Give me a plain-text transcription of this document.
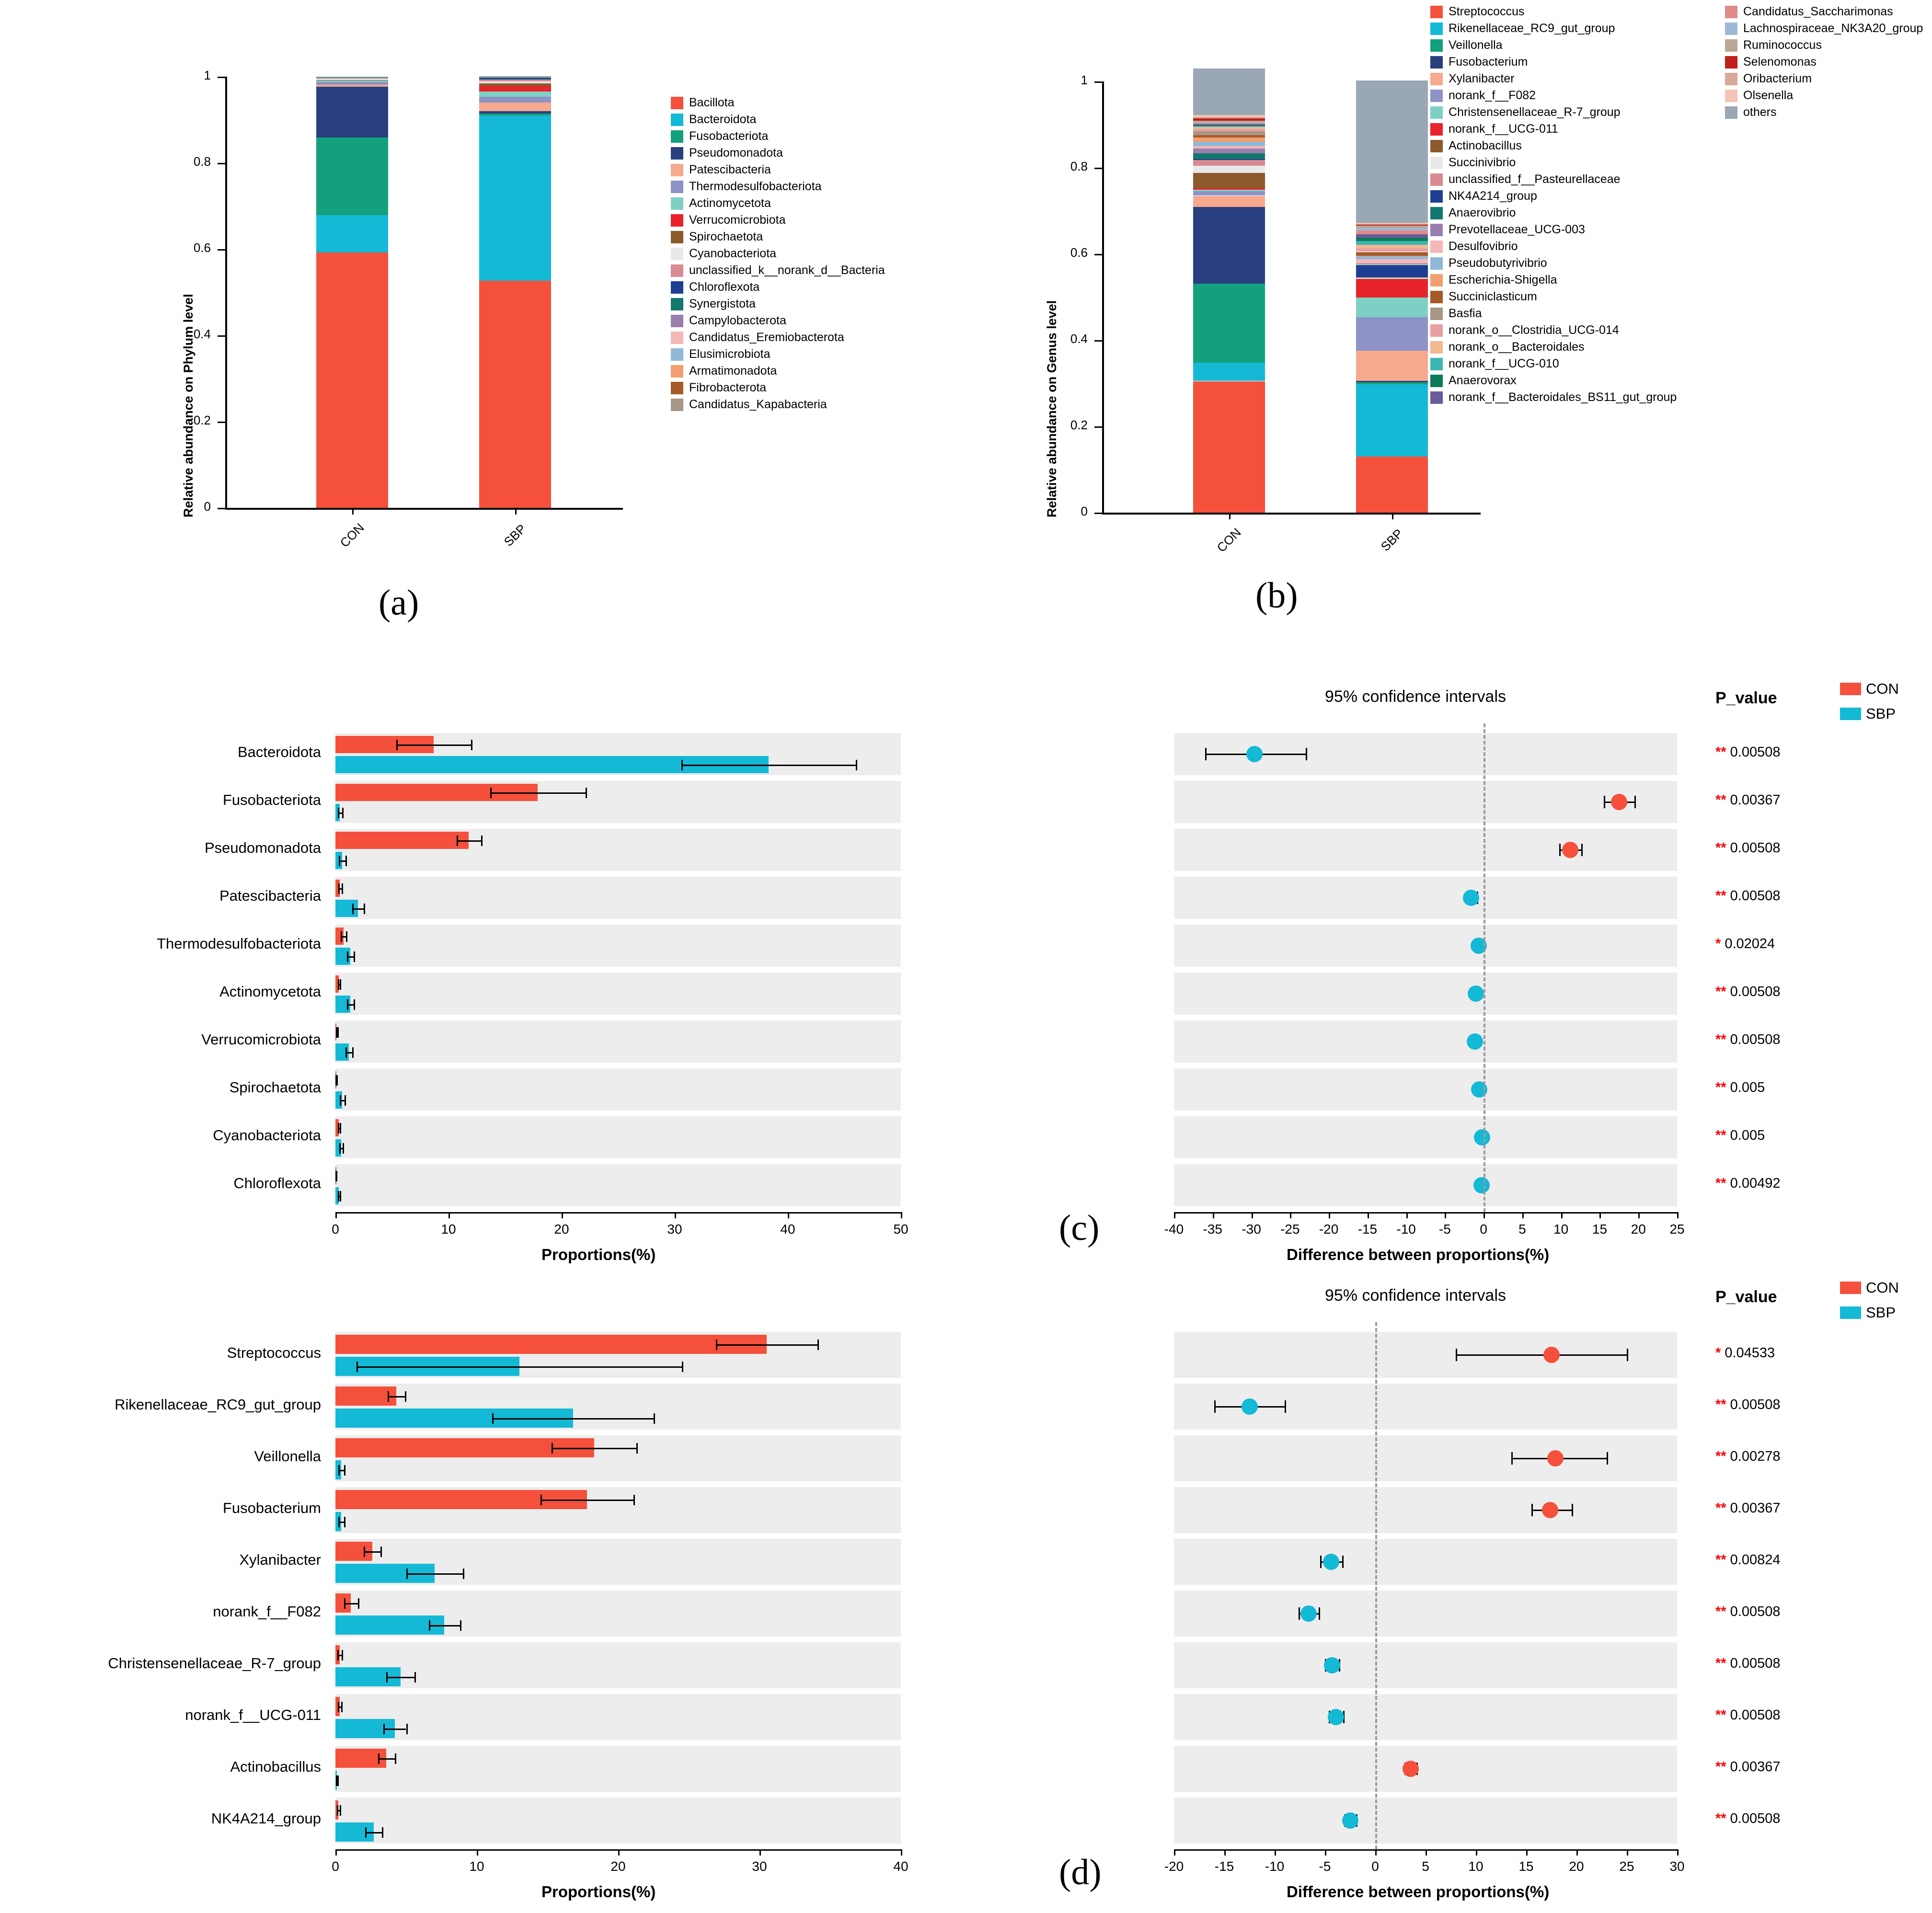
Relative abundance on Phylum level 0
0.2
0.4
0.6
0.8
1
CON	SBP
Bacillota
Bacteroidota
Fusobacteriota
Pseudomonadota
Patescibacteria
Thermodesulfobacteriota
Actinomycetota
Verrucomicrobiota
Spirochaetota
Cyanobacteriota
unclassified_k__norank_d__Bacteria
Chloroflexota
Synergistota
Campylobacterota
Candidatus_Eremiobacterota
Elusimicrobiota
Armatimonadota
Fibrobacterota
Candidatus_Kapabacteria
(a)
Relative abundance on Genus level	0
0.2
0.4
0.6
0.8
1
CON	SBP
Streptococcus
Rikenellaceae_RC9_gut_group
Veillonella
Fusobacterium
Xylanibacter
norank_f__F082
Christensenellaceae_R-7_group
norank_f__UCG-011
Actinobacillus
Succinivibrio
unclassified_f__Pasteurellaceae
NK4A214_group
Anaerovibrio
Prevotellaceae_UCG-003
Desulfovibrio
Pseudobutyrivibrio
Escherichia-Shigella
Succiniclasticum
Basfia
norank_o__Clostridia_UCG-014
norank_o__Bacteroidales
norank_f__UCG-010
Anaerovorax
norank_f__Bacteroidales_BS11_gut_group
Candidatus_Saccharimonas
Lachnospiraceae_NK3A20_group
Ruminococcus
Selenomonas
Oribacterium
Olsenella
others
(b)
95% confidence intervals	P_value
CON
SBP
Bacteroidota	** 0.00508
Fusobacteriota	** 0.00367
Pseudomonadota	** 0.00508
Patescibacteria	** 0.00508
Thermodesulfobacteriota	* 0.02024
Actinomycetota	** 0.00508
Verrucomicrobiota	** 0.00508
Spirochaetota	** 0.005
Cyanobacteriota	** 0.005
Chloroflexota	** 0.00492
0	10	20	30	40	50
Proportions(%)
-40	-35	-30	-25	-20	-15	-10	-5	0	5	10	15	20	25
Difference between proportions(%)
(c)
95% confidence intervals	P_value
CON
SBP
Streptococcus	* 0.04533
Rikenellaceae_RC9_gut_group	** 0.00508
Veillonella	** 0.00278
Fusobacterium	** 0.00367
Xylanibacter	** 0.00824
norank_f__F082	** 0.00508
Christensenellaceae_R-7_group	** 0.00508
norank_f__UCG-011	** 0.00508
Actinobacillus	** 0.00367
NK4A214_group	** 0.00508
0	10	20	30	40
Proportions(%)
-20	-15	-10	-5	0	5	10	15	20	25	30
Difference between proportions(%)
(d)
